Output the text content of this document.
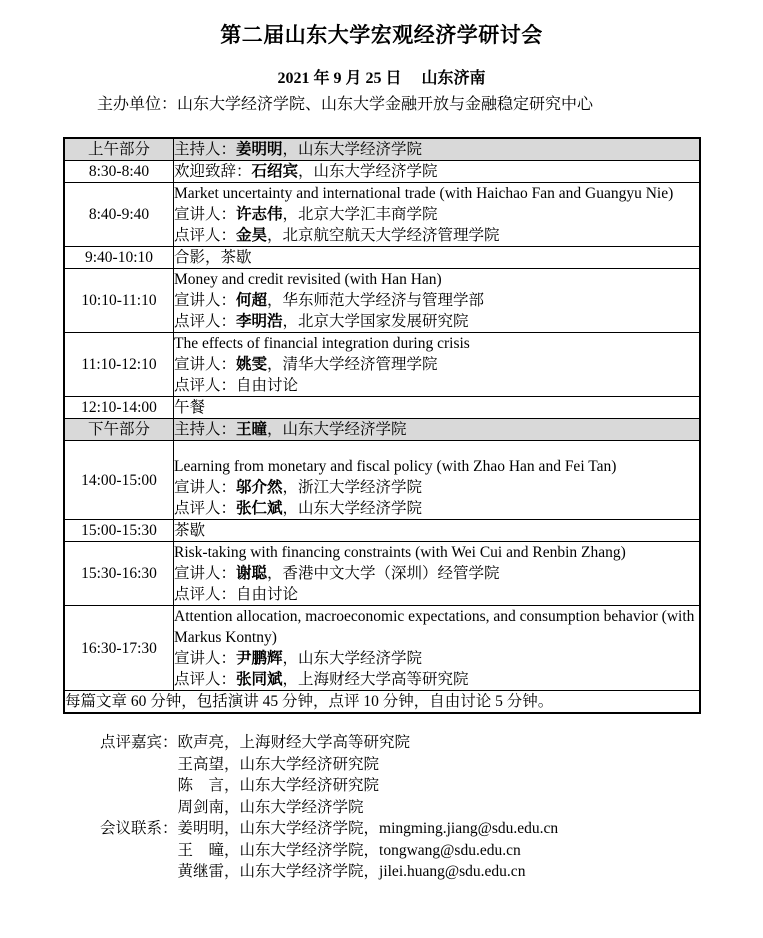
第二届山东大学宏观经济学研讨会
2021 年 9 月 25 日　 山东济南
主办单位：山东大学经济学院、山东大学金融开放与金融稳定研究中心
上午部分	主持人：姜明明，山东大学经济学院

8:30-8:40	欢迎致辞：石绍宾，山东大学经济学院

8:40-9:40	Market uncertainty and international trade (with Haichao Fan and Guangyu Nie)
宣讲人：许志伟，北京大学汇丰商学院
点评人：金昊，北京航空航天大学经济管理学院

9:40-10:10	合影，茶歇

10:10-11:10	Money and credit revisited (with Han Han)
宣讲人：何超，华东师范大学经济与管理学部
点评人：李明浩，北京大学国家发展研究院

11:10-12:10	The effects of financial integration during crisis
宣讲人：姚雯，清华大学经济管理学院
点评人：自由讨论

12:10-14:00	午餐

下午部分	主持人：王曈，山东大学经济学院

14:00-15:00	Learning from monetary and fiscal policy (with Zhao Han and Fei Tan)
宣讲人：邬介然，浙江大学经济学院
点评人：张仁斌，山东大学经济学院

15:00-15:30	茶歇

15:30-16:30	Risk-taking with financing constraints (with Wei Cui and Renbin Zhang)
宣讲人：谢聪，香港中文大学（深圳）经管学院
点评人：自由讨论

16:30-17:30	Attention allocation, macroeconomic expectations, and consumption behavior (with Markus Kontny)
宣讲人：尹鹏辉，山东大学经济学院
点评人：张同斌，上海财经大学高等研究院

每篇文章 60 分钟，包括演讲 45 分钟，点评 10 分钟，自由讨论 5 分钟。	
点评嘉宾： 欧声亮，上海财经大学高等研究院
王高望，山东大学经济研究院
陈　言，山东大学经济研究院
周剑南，山东大学经济学院
会议联系： 姜明明，山东大学经济学院，mingming.jiang@sdu.edu.cn
王　曈，山东大学经济学院，tongwang@sdu.edu.cn
黄继雷，山东大学经济学院，jilei.huang@sdu.edu.cn
